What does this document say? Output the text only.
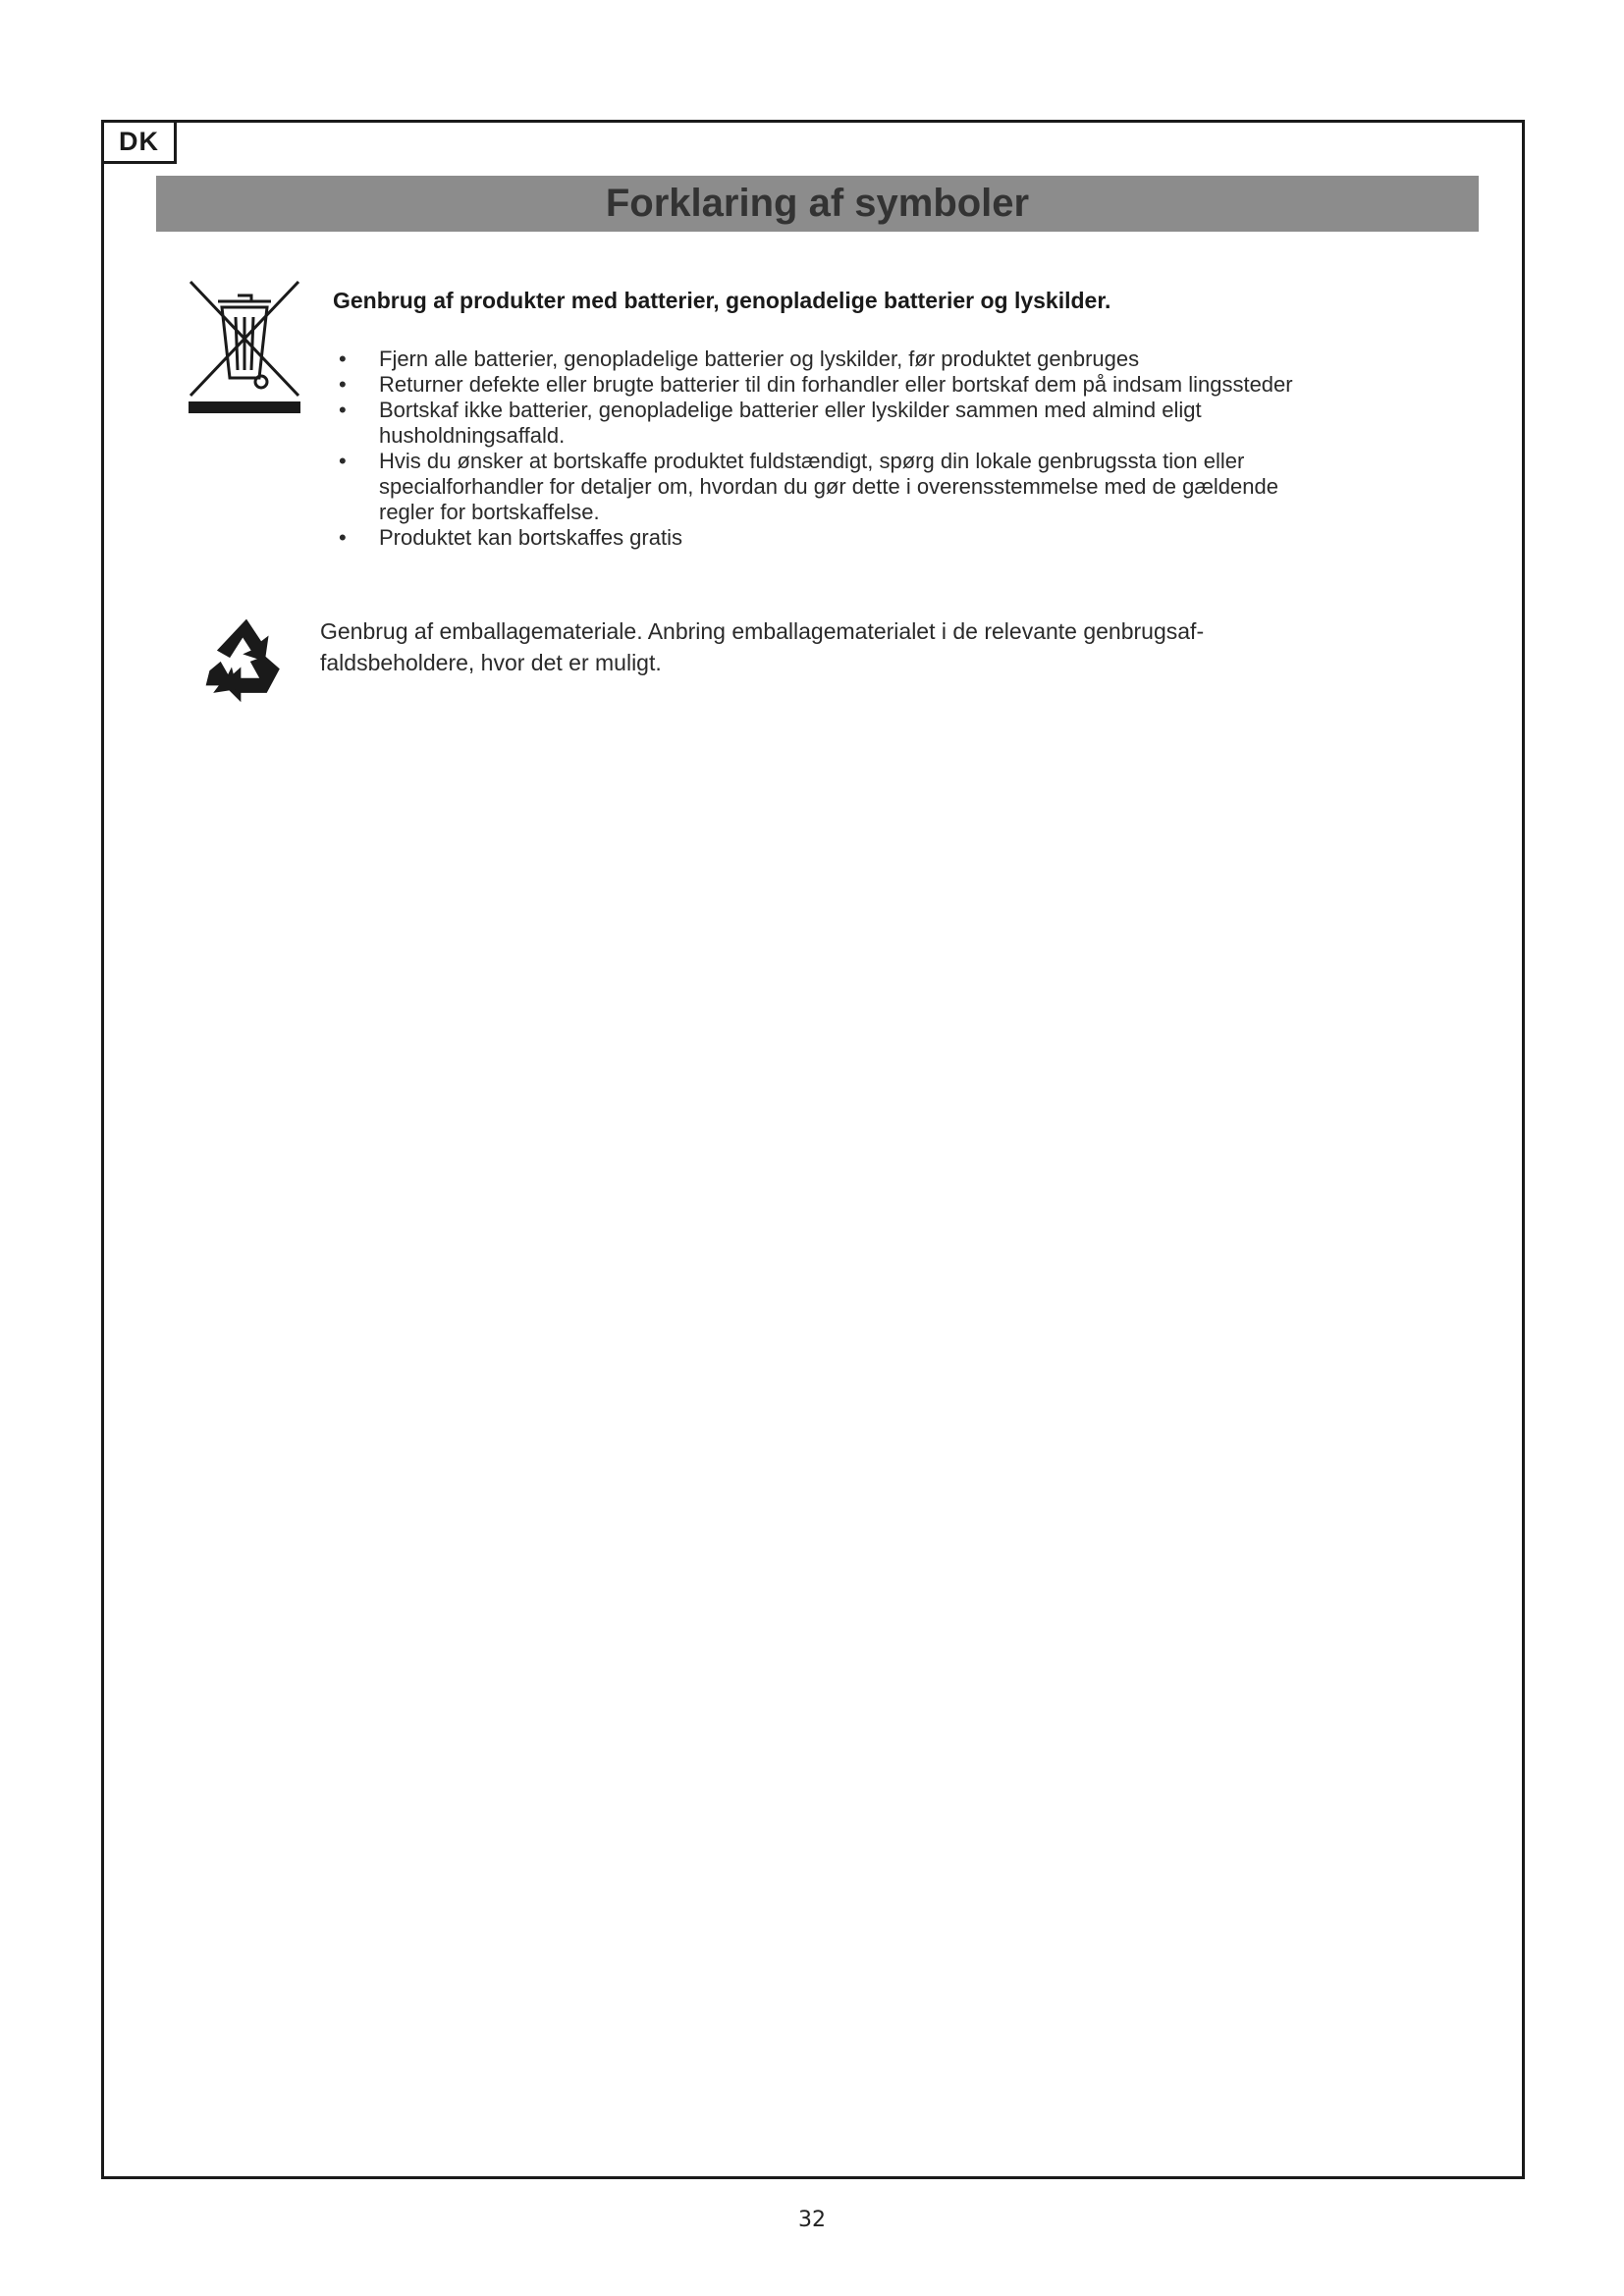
DK
Forklaring af symboler

Genbrug af produkter med batterier, genopladelige batterier og lyskilder.

• Fjern alle batterier, genopladelige batterier og lyskilder, før produktet genbruges
• Returner defekte eller brugte batterier til din forhandler eller bortskaf dem på indsam lingssteder
• Bortskaf ikke batterier, genopladelige batterier eller lyskilder sammen med almind eligt husholdningsaffald.
• Hvis du ønsker at bortskaffe produktet fuldstændigt, spørg din lokale genbrugssta tion eller specialforhandler for detaljer om, hvordan du gør dette i overensstemmelse med de gældende regler for bortskaffelse.
• Produktet kan bortskaffes gratis

Genbrug af emballagemateriale. Anbring emballagematerialet i de relevante genbrugsaf- faldsbeholdere, hvor det er muligt.

32
